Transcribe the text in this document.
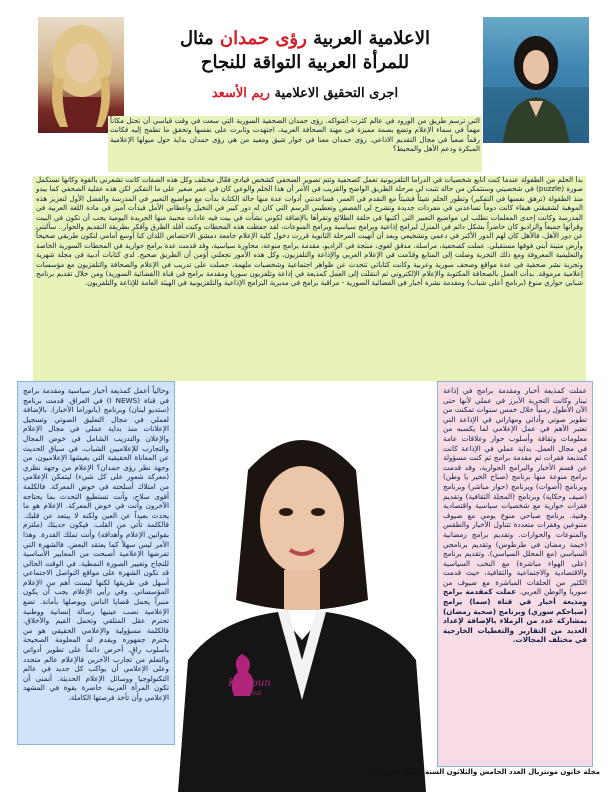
الاعلامية العربية رؤى حمدان مثال
للمرأة العربية التواقة للنجاح
اجرى التحقيق الاعلامية ريم الأسعد
التي ترسم طريق من الورود في عالم كثرت أشواكه. رؤى حمدان الصحفية السورية التي سعت في وقت قياسي أن تحتل مكاناً مهماً في سماء الإعلام وتضع بصمة مميزة في مهنة الصحافة العربية، اجتهدت وثابرت على نفسها وتحقق ما تطمح إليه فكانت رقماً صعباً في مجال التقديم الاذاعي. رؤى حمدان معنا في حوار شيق ومفيد من هي رؤى حمدان بداية حول ميولها الإعلامية المبكرة ودعم الأهل والمحيط؟
بدأ الحلم من الطفولة عندما كنت أتابع شخصيات في الدراما التلفزيونية تعمل كصحفية وتتم تصوير الصحفي كشخص قيادي فعّال مختلف وكل هذه الصفات كانت تشعرني بالقوة وكأنها تستكمل صورة (puzzle) في شخصيتي وستتمكن من حالة تثبت لي مرحلة الطريق الواضح والقريب في الأمر أن هذا الحلم والوعي كان في عمر صغير على ما التفكير لكن هذه عقلية الصحفي كما يبدو منذ الطفولة (ترهق نفسها في التفكير) وتطور الحلم شيئاً فشيئاً مع التقدم في العمر، فساعدتني أدوات عدة منها حالة الكتابة بدأت مع مواضيع التعبير في المدرسة والفضل الأول لتعزيز هذه الموهبة لشقيقتي هيفاء كانت دوماً تساعدني في مفردات جديدة وتشرح لي القصص وتعطيني الرسم التي كان له دور كبير في التخيل واعطاني الأمل فبدأت أميز في مادة اللغة العربية في المدرسة وكانت إحدى المعلمات تطلب لي مواضيع التعبير التي أكتبها في حلقة الطلائع وتقرأها بالإضافة لكوني نشأت في بيت فيه عادات محببة منها الجريدة اليومية يجب أن تكون في البيت وقرأتها جميعاً والراديو كان حاضراً بشكل دائم في المنزل لبرامج إذاعية وبرامج سياسية وبرامج المنوعات، لقد حفظت هذه المحطات وكنت أقلد الطرق وأفكر بطريقة التقديم والحوار.. سألتني عن دور الأهل، فالأهل كان لهم الدور الأكبر في دعمي وتشجيعي وبعد أن أنهيت المرحلة الثانوية قررت دخول كلية الإعلام جامعة دمشق الاختصاص اللذان كنا أوسع أمامي لتكون طريقي صحيحاً وأرض متينة أبني فوقها مستقبلي. عملت كصحفية، مراسلة، مدقق لغوي، منتجة في الراديو، مقدمة برامج منوعة، محاورة سياسية، وقد قدمت عدة برامج حوارية في المحطات السورية الخاصة والتعليمية المعروفة ومع ذلك التجربة وصلت إلى المتابع وقدّمت في الإعلام العربي والإذاعة والتلفزيون، وكل هذه الأمور تجعلني أؤمن أن الطريق صحيح. لدي كتابات أدبية في مجلة شهرية وتجربة نشر صحفية في عدة مواقع وصحف سورية وعربية وكانت كتاباتي تتحدث عن ظواهر اجتماعية وشخصيات ملهمة، حصلت على تدريب في الإعلام والصحافة والتلفزيون مع مؤسسات إعلامية مرموقة. بدأت العمل بالصحافة المكتوبة والإعلام الإلكتروني ثم انتقلت إلى العمل كمذيعة في إذاعة وتلفزيون سوريا ومقدمة برامج في قناة (الفضائية السورية) ومن خلال تقديم برنامج شبابي حواري منوع (برنامج أعلى شباب) ومقدمة نشرة أخبار في الفضائية السورية - مراقبة برامج في مديرية البرامج الإذاعية والتلفزيونية في الهيئة العامة للإذاعة والتلفزيون.
وحالياً أعمل كمذيعة أخبار سياسية ومقدمة برامج في قناة (I NEWS) في العراق. قدمت برنامج (ستديو لبنان) وبرنامج (بانوراما الأخبار). بالإضافة لعملي في مجال التعليق الصوتي وتسجيل الإعلانات منذ بداية عملي في مجال الإعلام والإعلان والتدريب الشامل في خوض المجال والتجارب للإعلاميين الشباب. في سياق الحديث عن المعاناة الحقيقية التي يعيشها الإعلاميون، من وجهة نظر رؤى حمدان؟ الإعلام من وجهة نظري (معركة شعور على كل شيء) ليتمكن الإعلامي من امتلاك أسلحته في خوض المعركة. فالكلمة أقوى سلاح، وأنت تستطيع التحدث بما يحتاجه الآخرون وأنت في خوض المعركة. الإعلام هو ما يحدث بعيداً عن العين ولكنه لا يبتعد عن قلبك. فالكلمة تأتي من القلب. فيكون حديثك (ملتزم بقوانين الإعلام وأهدافه) وأنت تملك القدرة. وهذا الأمر ليس سهلاً كما يعتقد البعض. فالشهرة التي تفرضها الإعلامية أصبحت من المعايير الأساسية للنجاح وتغيير الصورة النمطية. في الوقت الحالي قد تكون الشهرة على مواقع التواصل الاجتماعي أسهل في طريقها لكنها ليست أهم من الإعلام المؤسساتي. وفي رأيي الإعلام يجب أن يكون منبراً يحمل قضايا الناس ويوصلها بأمانة. تضع الإعلامية نصب عينيها رسالة إنسانية ووطنية تحترم عقل المتلقي وتحمل القيم والأخلاق. فالكلمة مسؤولية والإعلامي الحقيقي هو من يحترم جمهوره ويقدم له المعلومة الصحيحة بأسلوب راقٍ. أحرص دائماً على تطوير أدواتي والتعلم من تجارب الآخرين فالإعلام عالم متجدد وعلى الإعلامي أن يواكب كل جديد في عالم التكنولوجيا ووسائل الإعلام الحديثة. أتمنى أن تكون المرأة العربية حاضرة بقوة في المشهد الإعلامي وأن تأخذ فرصتها الكاملة.
Khatoun
montreal
عملت كمذيعة أخبار ومقدمة برامج في إذاعة نينار وكانت التجربة الأبرز في عملي لأنها حتى الآن الأطول زمنياً خلال خمس سنوات تمكنت من تطوير صوتي وأدائي ومهاراتي في الإذاعة التي تعتبر الأهم في عمل الإعلامي لما يكسبه من معلومات وثقافة وأسلوب حوار وعلاقات عامة في مجال العمل. بداية عملي في الإذاعة كانت كمذيعة فقرات ثم مقدمة برامج ثم كنت مسؤولة عن قسم الأخبار والبرامج الحوارية، وقد قدمت برامج منوعة منها برنامج (صباح الخير يا وطن) وبرنامج (أصوات) وبرنامج (حوار مباشر) وبرنامج (ضيف وحكاية) وبرنامج (المجلة الثقافية) وتقديم فقرات حوارية مع شخصيات سياسية واقتصادية وفنية. برنامج صباحي منوع يومي مع ضيوف متنوعين وفقرات متعددة تتناول الأخبار والطقس والمنوعات والحوارات. وتقديم برامج رمضانية (خيمة رمضان في طرطوس) وتقديم برنامجي السياسي (مع المحلل السياسي). وتقديم برنامج (على الهواء مباشرة) مع النخب السياسية والاقتصادية والاجتماعية والثقافية، حيث قدمت الكثير من الحلقات المباشرة مع ضيوف من سوريا والوطن العربي. عملت كمقدمة برامج ومذيعة أخبار في قناة (سما) برامج (صباحكم سوري) وبرنامج (صحبة رمضان) بمشاركة عدد من الزملاء بالإضافة لإعداد العديد من التقارير والتغطيات الخارجية في مختلف المجالات.
مجلة خاتون مونتريال العدد الخامس والثلاثون السنة الثالثة أيار 2023
